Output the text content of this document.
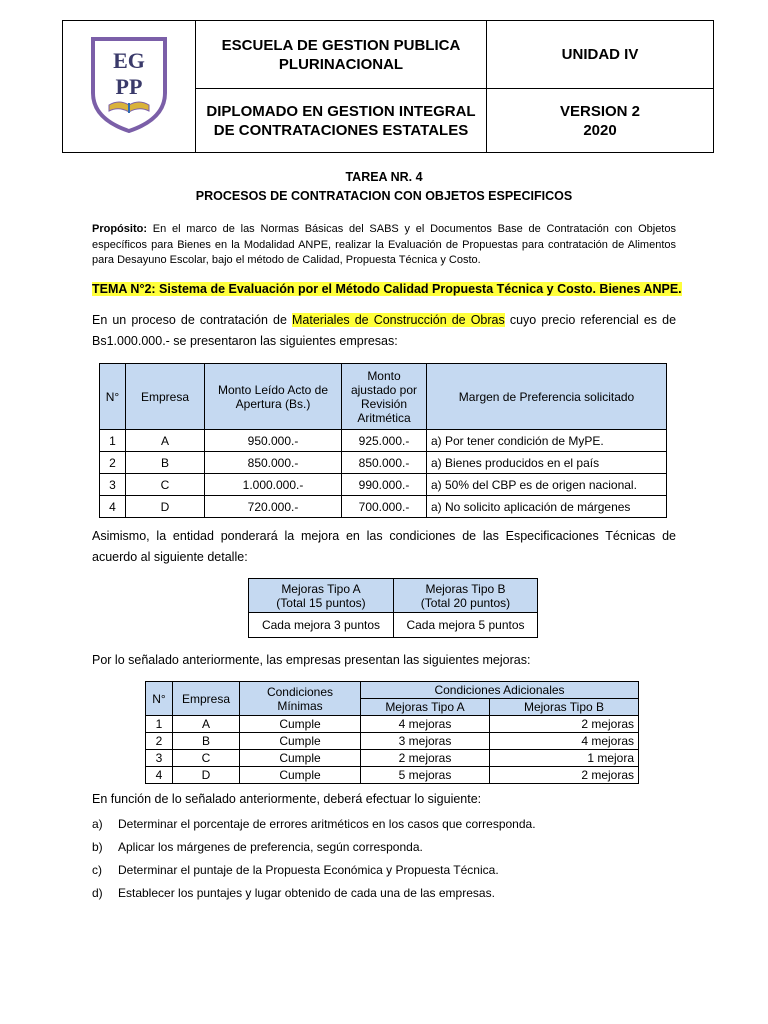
EG
PP	ESCUELA DE GESTION PUBLICA PLURINACIONAL	UNIDAD IV
	DIPLOMADO EN GESTION INTEGRAL DE CONTRATACIONES ESTATALES	VERSION 2
2020
TAREA NR. 4
PROCESOS DE CONTRATACION CON OBJETOS ESPECIFICOS
Propósito: En el marco de las Normas Básicas del SABS y el Documentos Base de Contratación con Objetos específicos para Bienes en la Modalidad ANPE, realizar la Evaluación de Propuestas para contratación de Alimentos para Desayuno Escolar, bajo el método de Calidad, Propuesta Técnica y Costo.
TEMA N°2: Sistema de Evaluación por el Método Calidad Propuesta Técnica y Costo. Bienes ANPE.
En un proceso de contratación de Materiales de Construcción de Obras cuyo precio referencial es de Bs1.000.000.- se presentaron las siguientes empresas:
N°	Empresa	Monto Leído Acto de Apertura (Bs.)	Monto ajustado por Revisión Aritmética	Margen de Preferencia solicitado
1	A	950.000.-	925.000.-	a) Por tener condición de MyPE.
2	B	850.000.-	850.000.-	a) Bienes producidos en el país
3	C	1.000.000.-	990.000.-	a) 50% del CBP es de origen nacional.
4	D	720.000.-	700.000.-	a) No solicito aplicación de márgenes
Asimismo, la entidad ponderará la mejora en las condiciones de las Especificaciones Técnicas de acuerdo al siguiente detalle:
Mejoras Tipo A
(Total 15 puntos)	Mejoras Tipo B
(Total 20 puntos)
Cada mejora 3 puntos	Cada mejora 5 puntos
Por lo señalado anteriormente, las empresas presentan las siguientes mejoras:
N°	Empresa	Condiciones Mínimas	Condiciones Adicionales	
			Mejoras Tipo A	Mejoras Tipo B
1	A	Cumple	4 mejoras	2 mejoras
2	B	Cumple	3 mejoras	4 mejoras
3	C	Cumple	2 mejoras	1 mejora
4	D	Cumple	5 mejoras	2 mejoras
En función de lo señalado anteriormente, deberá efectuar lo siguiente:
a)	Determinar el porcentaje de errores aritméticos en los casos que corresponda.
b)	Aplicar los márgenes de preferencia, según corresponda.
c)	Determinar el puntaje de la Propuesta Económica y Propuesta Técnica.
d)	Establecer los puntajes y lugar obtenido de cada una de las empresas.
